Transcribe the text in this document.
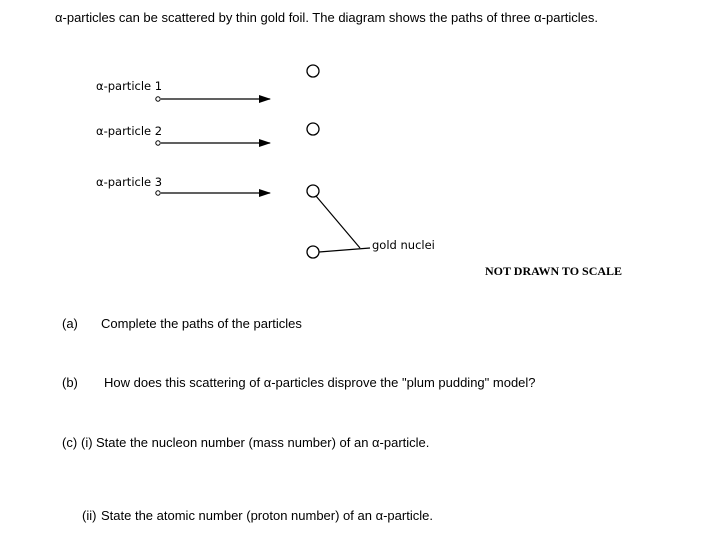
α-particles can be scattered by thin gold foil. The diagram shows the paths of three α-particles.
α-particle 1
α-particle 2
α-particle 3
gold nuclei
NOT DRAWN TO SCALE
(a) Complete the paths of the particles
(b) How does this scattering of α-particles disprove the "plum pudding" model?
(c) (i) State the nucleon number (mass number) of an α-particle.
(ii) State the atomic number (proton number) of an α-particle.
